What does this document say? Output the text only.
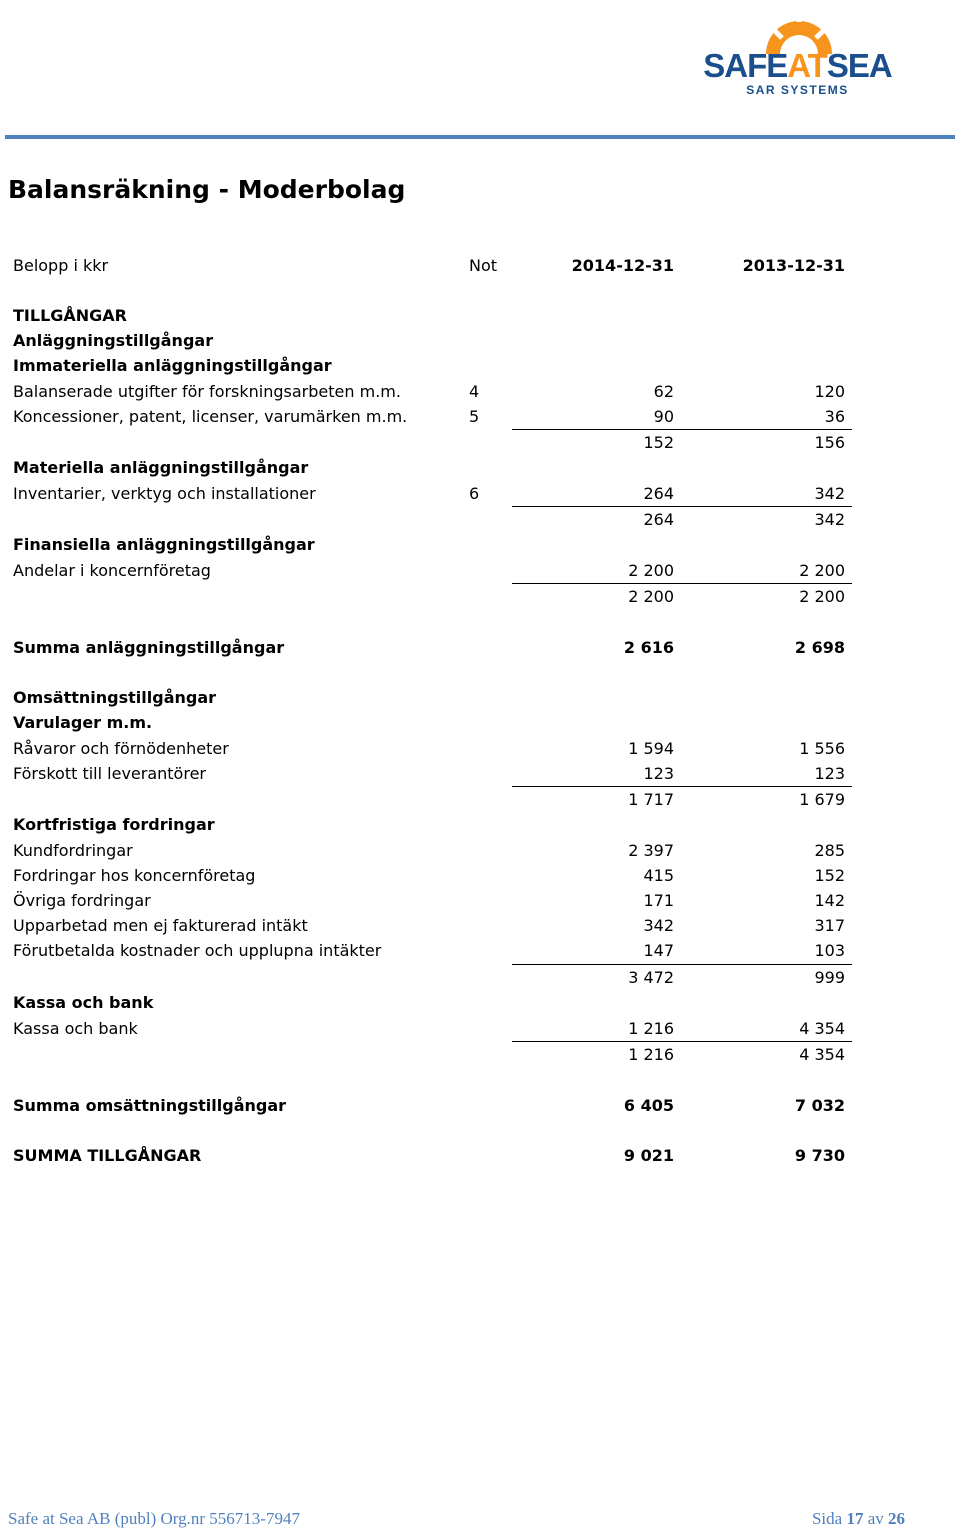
SAFEATSEA
SAR SYSTEMS
Balansräkning - Moderbolag
Belopp i kkr	Not	2014-12-31	2013-12-31
TILLGÅNGAR
Anläggningstillgångar
Immateriella anläggningstillgångar
Balanserade utgifter för forskningsarbeten m.m.	4	62	120
Koncessioner, patent, licenser, varumärken m.m.	5	90	36
152	156
Materiella anläggningstillgångar
Inventarier, verktyg och installationer	6	264	342
264	342
Finansiella anläggningstillgångar
Andelar i koncernföretag	2 200	2 200
2 200	2 200
Summa anläggningstillgångar	2 616	2 698
Omsättningstillgångar
Varulager m.m.
Råvaror och förnödenheter	1 594	1 556
Förskott till leverantörer	123	123
1 717	1 679
Kortfristiga fordringar
Kundfordringar	2 397	285
Fordringar hos koncernföretag	415	152
Övriga fordringar	171	142
Upparbetad men ej fakturerad intäkt	342	317
Förutbetalda kostnader och upplupna intäkter	147	103
3 472	999
Kassa och bank
Kassa och bank	1 216	4 354
1 216	4 354
Summa omsättningstillgångar	6 405	7 032
SUMMA TILLGÅNGAR	9 021	9 730
Safe at Sea AB (publ) Org.nr 556713-7947	Sida 17 av 26
